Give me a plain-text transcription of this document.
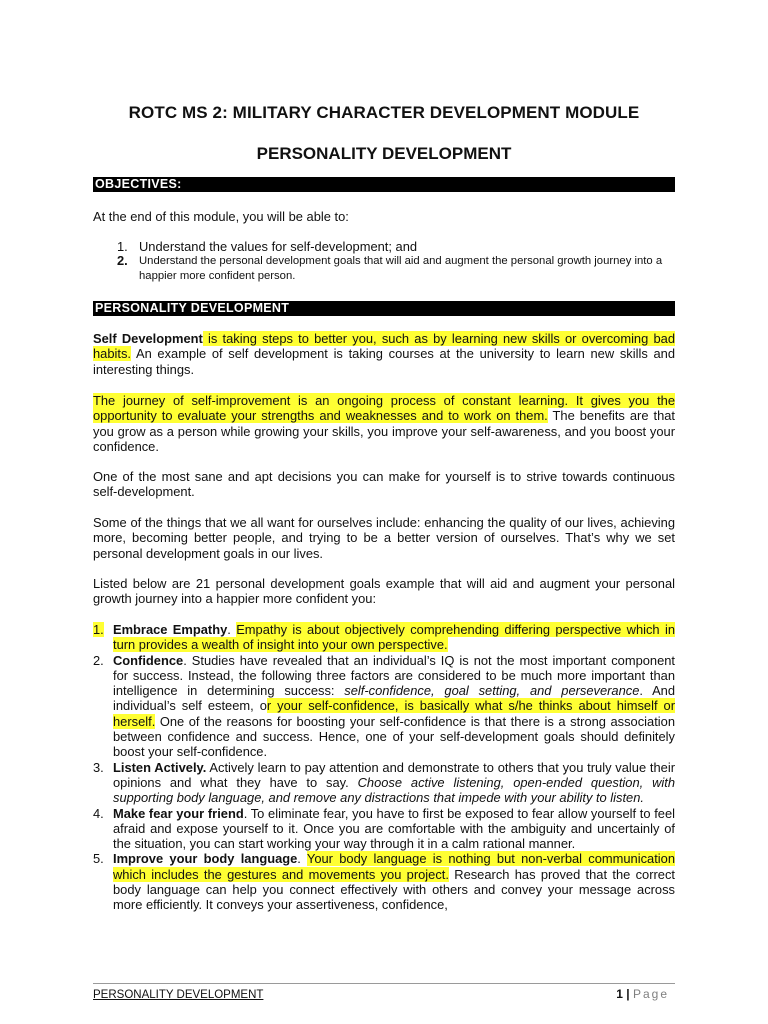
ROTC MS 2: MILITARY CHARACTER DEVELOPMENT MODULE
PERSONALITY DEVELOPMENT
OBJECTIVES:
At the end of this module, you will be able to:
1. Understand the values for self-development; and
2. Understand the personal development goals that will aid and augment the personal growth journey into a happier more confident person.
PERSONALITY DEVELOPMENT
Self Development is taking steps to better you, such as by learning new skills or overcoming bad habits. An example of self development is taking courses at the university to learn new skills and interesting things.
The journey of self-improvement is an ongoing process of constant learning. It gives you the opportunity to evaluate your strengths and weaknesses and to work on them. The benefits are that you grow as a person while growing your skills, you improve your self-awareness, and you boost your confidence.
One of the most sane and apt decisions you can make for yourself is to strive towards continuous self-development.
Some of the things that we all want for ourselves include: enhancing the quality of our lives, achieving more, becoming better people, and trying to be a better version of ourselves. That’s why we set personal development goals in our lives.
Listed below are 21 personal development goals example that will aid and augment your personal growth journey into a happier more confident you:
1. Embrace Empathy. Empathy is about objectively comprehending differing perspective which in turn provides a wealth of insight into your own perspective.
2. Confidence. Studies have revealed that an individual’s IQ is not the most important component for success. Instead, the following three factors are considered to be much more important than intelligence in determining success: self-confidence, goal setting, and perseverance. And individual’s self esteem, or your self-confidence, is basically what s/he thinks about himself or herself. One of the reasons for boosting your self-confidence is that there is a strong association between confidence and success. Hence, one of your self-development goals should definitely boost your self-confidence.
3. Listen Actively. Actively learn to pay attention and demonstrate to others that you truly value their opinions and what they have to say. Choose active listening, open-ended question, with supporting body language, and remove any distractions that impede with your ability to listen.
4. Make fear your friend. To eliminate fear, you have to first be exposed to fear allow yourself to feel afraid and expose yourself to it. Once you are comfortable with the ambiguity and uncertainly of the situation, you can start working your way through it in a calm rational manner.
5. Improve your body language. Your body language is nothing but non-verbal communication which includes the gestures and movements you project. Research has proved that the correct body language can help you connect effectively with others and convey your message across more efficiently. It conveys your assertiveness, confidence,
PERSONALITY DEVELOPMENT	1 | Page
